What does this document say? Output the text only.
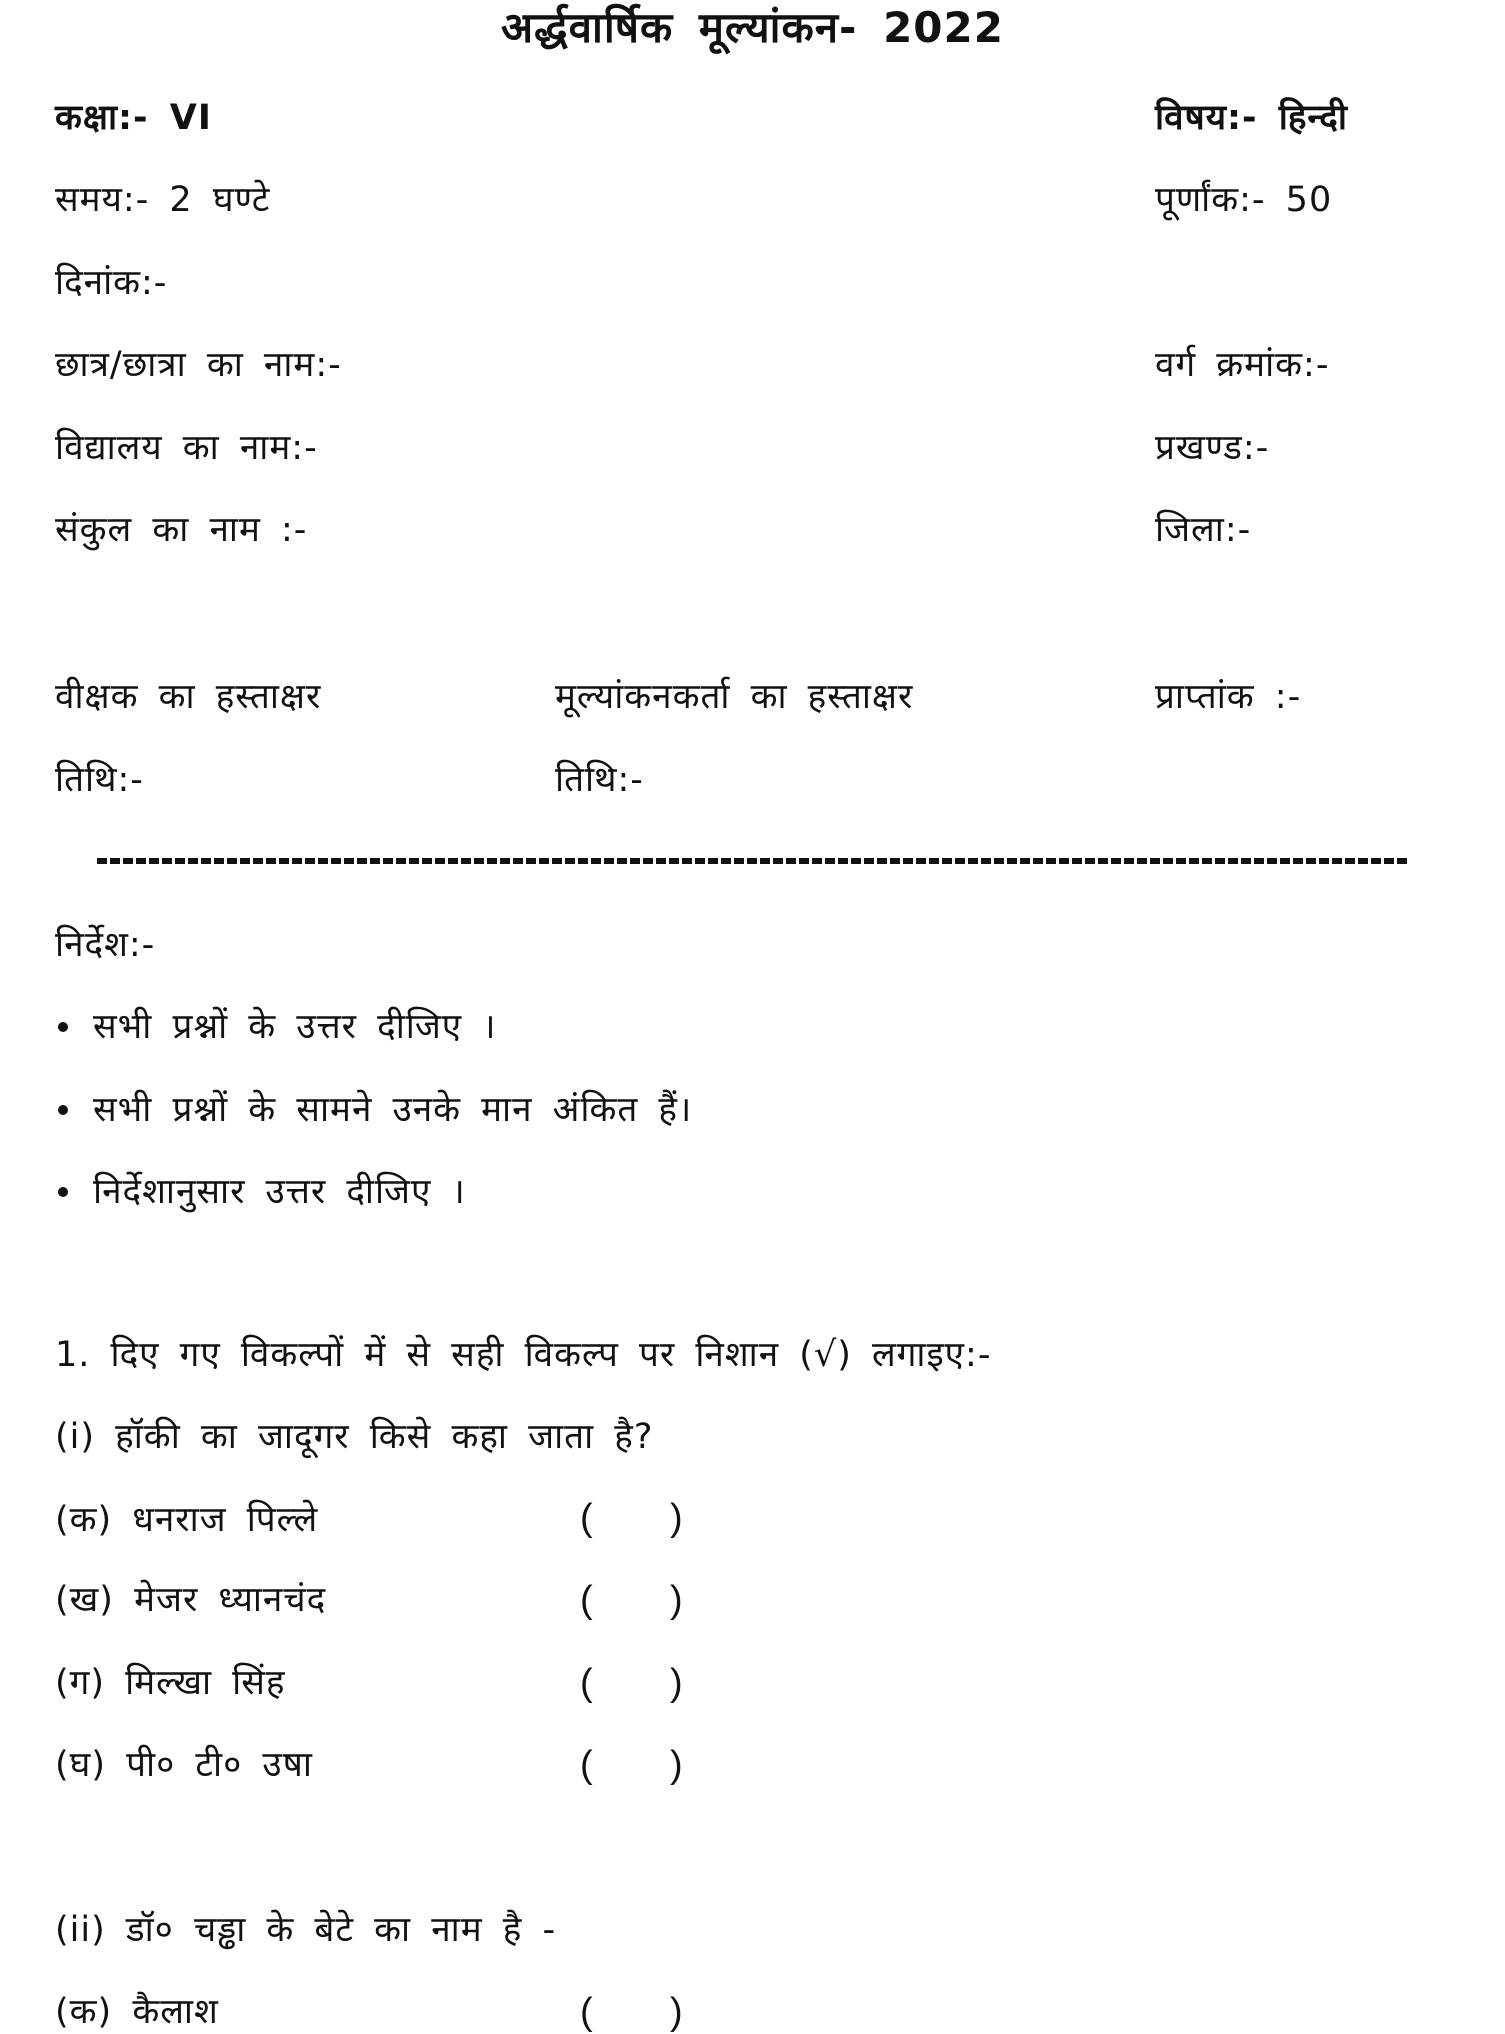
अर्द्धवार्षिक मूल्यांकन- 2022
कक्षा:- VI	विषय:- हिन्दी
समय:- 2 घण्टे	पूर्णांक:- 50
दिनांक:-
छात्र/छात्रा का नाम:-	वर्ग क्रमांक:-
विद्यालय का नाम:-	प्रखण्ड:-
संकुल का नाम :-	जिला:-
वीक्षक का हस्ताक्षर	मूल्यांकनकर्ता का हस्ताक्षर	प्राप्तांक :-
तिथि:-	तिथि:-
निर्देश:-
सभी प्रश्नों के उत्तर दीजिए ।
सभी प्रश्नों के सामने उनके मान अंकित हैं।
निर्देशानुसार उत्तर दीजिए ।
1. दिए गए विकल्पों में से सही विकल्प पर निशान (√) लगाइए:-
(i) हॉकी का जादूगर किसे कहा जाता है?
(क) धनराज पिल्ले	( )
(ख) मेजर ध्यानचंद	( )
(ग) मिल्खा सिंह	( )
(घ) पी० टी० उषा	( )
(ii) डॉ० चड्ढा के बेटे का नाम है -
(क) कैलाश	( )
